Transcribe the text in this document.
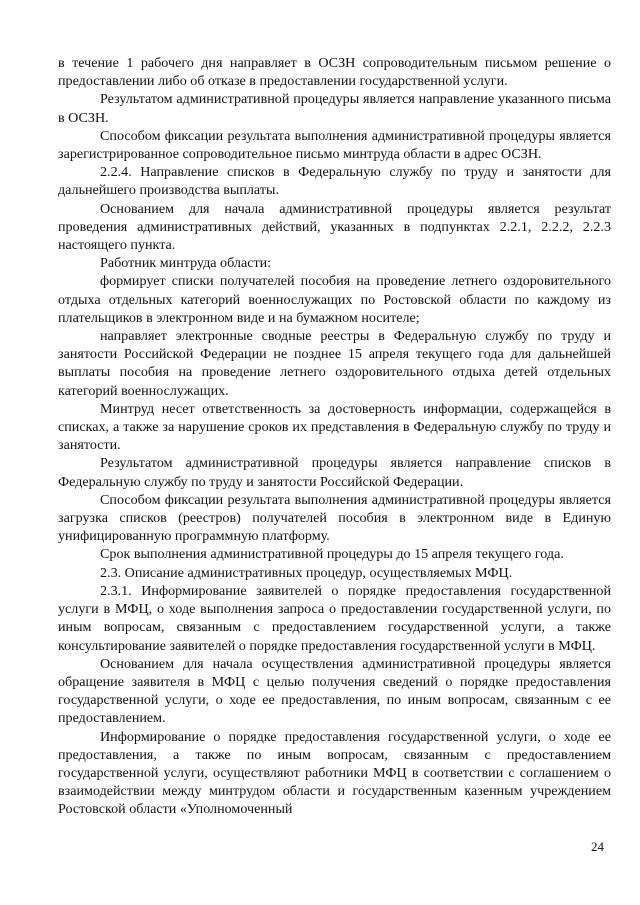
в течение 1 рабочего дня направляет в ОСЗН сопроводительным письмом решение о предоставлении либо об отказе в предоставлении государственной услуги.

Результатом административной процедуры является направление указанного письма в ОСЗН.

Способом фиксации результата выполнения административной процедуры является зарегистрированное сопроводительное письмо минтруда области в адрес ОСЗН.

2.2.4. Направление списков в Федеральную службу по труду и занятости для дальнейшего производства выплаты.

Основанием для начала административной процедуры является результат проведения административных действий, указанных в подпунктах 2.2.1, 2.2.2, 2.2.3 настоящего пункта.

Работник минтруда области:

формирует списки получателей пособия на проведение летнего оздоровительного отдыха отдельных категорий военнослужащих по Ростовской области по каждому из плательщиков в электронном виде и на бумажном носителе;

направляет электронные сводные реестры в Федеральную службу по труду и занятости Российской Федерации не позднее 15 апреля текущего года для дальнейшей выплаты пособия на проведение летнего оздоровительного отдыха детей отдельных категорий военнослужащих.

Минтруд несет ответственность за достоверность информации, содержащейся в списках, а также за нарушение сроков их представления в Федеральную службу по труду и занятости.

Результатом административной процедуры является направление списков в Федеральную службу по труду и занятости Российской Федерации.

Способом фиксации результата выполнения административной процедуры является загрузка списков (реестров) получателей пособия в электронном виде в Единую унифицированную программную платформу.

Срок выполнения административной процедуры до 15 апреля текущего года.

2.3. Описание административных процедур, осуществляемых МФЦ.

2.3.1. Информирование заявителей о порядке предоставления государственной услуги в МФЦ, о ходе выполнения запроса о предоставлении государственной услуги, по иным вопросам, связанным с предоставлением государственной услуги, а также консультирование заявителей о порядке предоставления государственной услуги в МФЦ.

Основанием для начала осуществления административной процедуры является обращение заявителя в МФЦ с целью получения сведений о порядке предоставления государственной услуги, о ходе ее предоставления, по иным вопросам, связанным с ее предоставлением.

Информирование о порядке предоставления государственной услуги, о ходе ее предоставления, а также по иным вопросам, связанным с предоставлением государственной услуги, осуществляют работники МФЦ в соответствии с соглашением о взаимодействии между минтрудом области и государственным казенным учреждением Ростовской области «Уполномоченный

24
